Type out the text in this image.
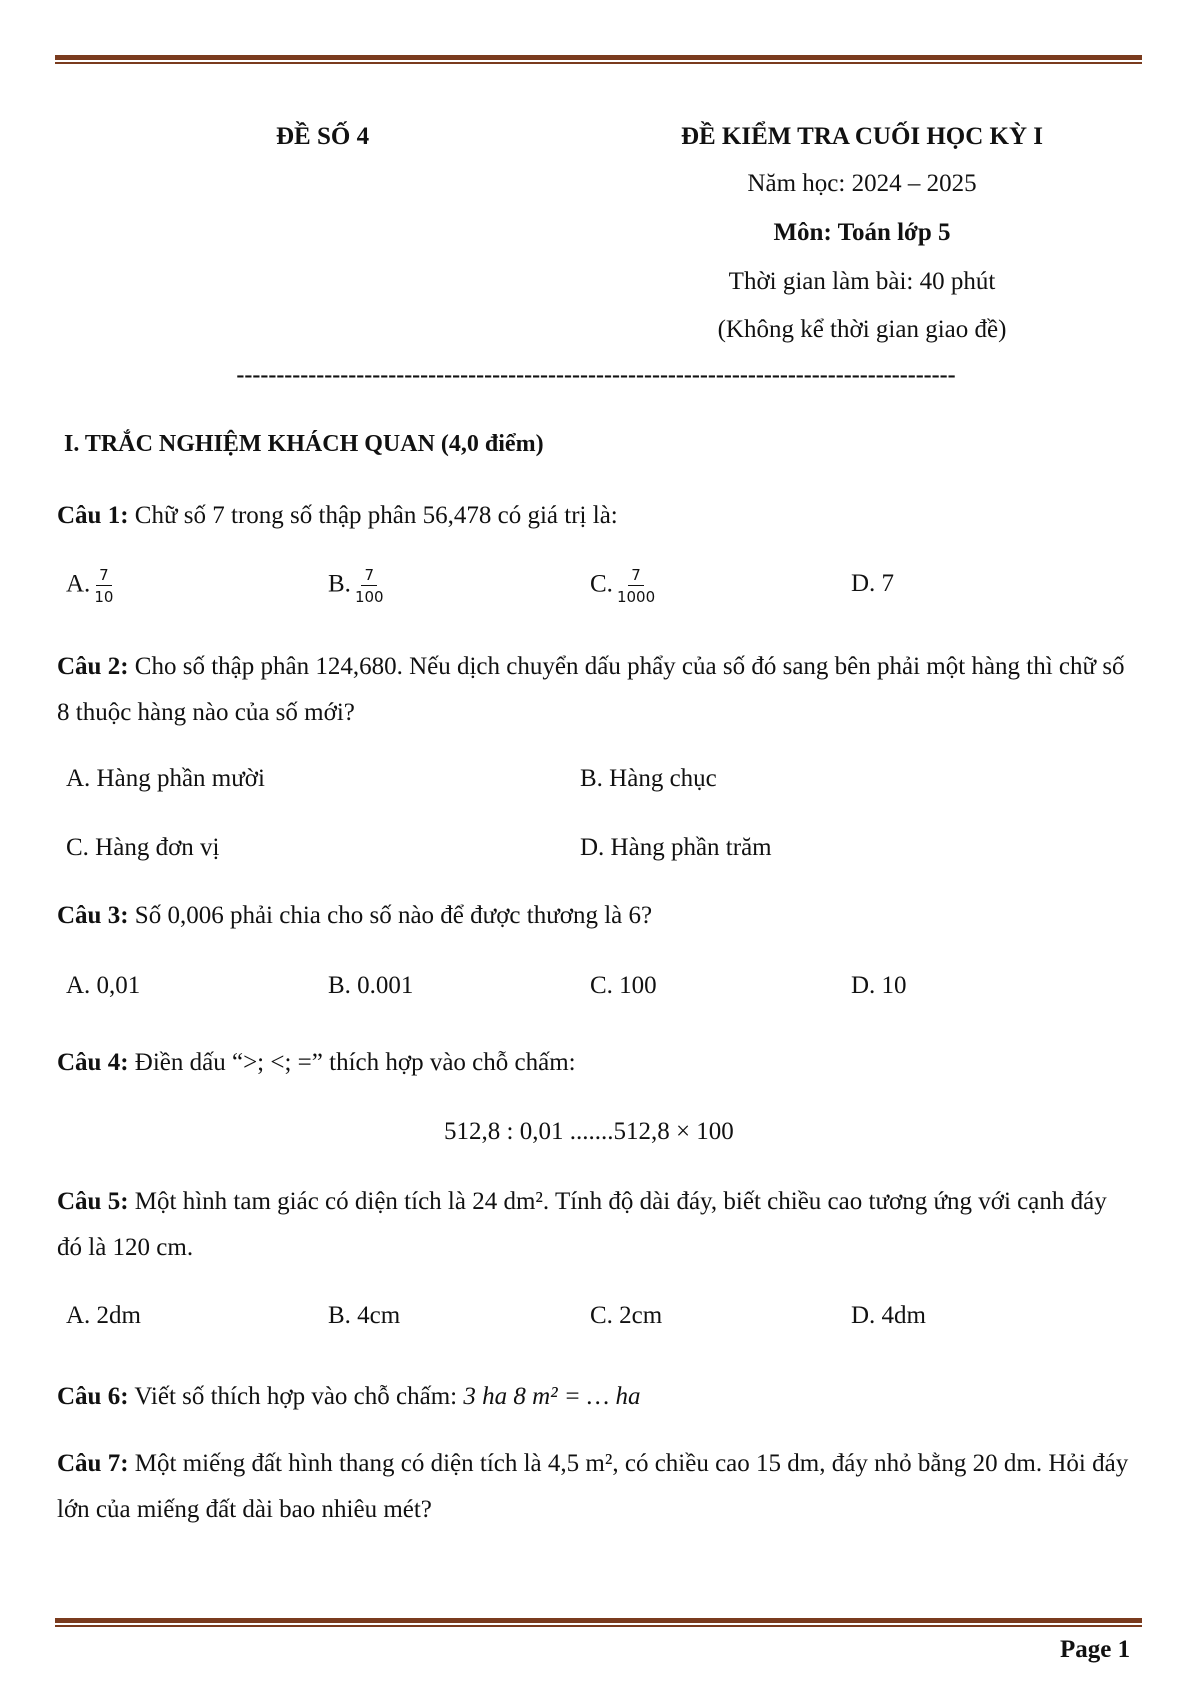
ĐỀ SỐ 4	ĐỀ KIỂM TRA CUỐI HỌC KỲ I
Năm học: 2024 – 2025
Môn: Toán lớp 5
Thời gian làm bài: 40 phút
(Không kể thời gian giao đề)
------------------------------------------------------------------------------------------
I. TRẮC NGHIỆM KHÁCH QUAN (4,0 điểm)
Câu 1: Chữ số 7 trong số thập phân 56,478 có giá trị là:
A. $\frac{7}{10}$	B. $\frac{7}{100}$	C. $\frac{7}{1000}$	D. 7
Câu 2: Cho số thập phân 124,680. Nếu dịch chuyển dấu phẩy của số đó sang bên phải một hàng thì chữ số 8 thuộc hàng nào của số mới?
A. Hàng phần mười	B. Hàng chục
C. Hàng đơn vị	D. Hàng phần trăm
Câu 3: Số 0,006 phải chia cho số nào để được thương là 6?
A. 0,01	B. 0.001	C. 100	D. 10
Câu 4: Điền dấu “>; <; =” thích hợp vào chỗ chấm:
512,8 : 0,01 .......512,8 × 100
Câu 5: Một hình tam giác có diện tích là 24 dm². Tính độ dài đáy, biết chiều cao tương ứng với cạnh đáy đó là 120 cm.
A. 2dm	B. 4cm	C. 2cm	D. 4dm
Câu 6: Viết số thích hợp vào chỗ chấm: 3 ha 8 m² = … ha
Câu 7: Một miếng đất hình thang có diện tích là 4,5 m², có chiều cao 15 dm, đáy nhỏ bằng 20 dm. Hỏi đáy lớn của miếng đất dài bao nhiêu mét?
Page 1
